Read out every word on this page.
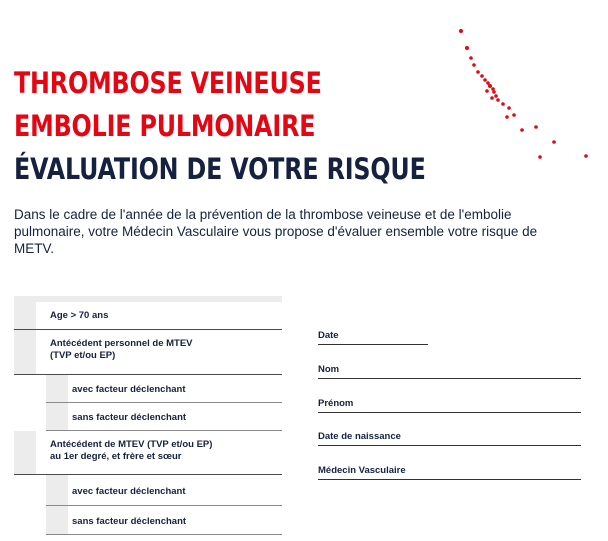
THROMBOSE VEINEUSE
EMBOLIE PULMONAIRE
ÉVALUATION DE VOTRE RISQUE
Dans le cadre de l'année de la prévention de la thrombose veineuse et de l'embolie pulmonaire, votre Médecin Vasculaire vous propose d'évaluer ensemble votre risque de METV.
Age > 70 ans
Antécédent personnel de MTEV
(TVP et/ou EP)
avec facteur déclenchant
sans facteur déclenchant
Antécédent de MTEV (TVP et/ou EP)
au 1er degré, et frère et sœur
avec facteur déclenchant
sans facteur déclenchant
Date
Nom
Prénom
Date de naissance
Médecin Vasculaire
